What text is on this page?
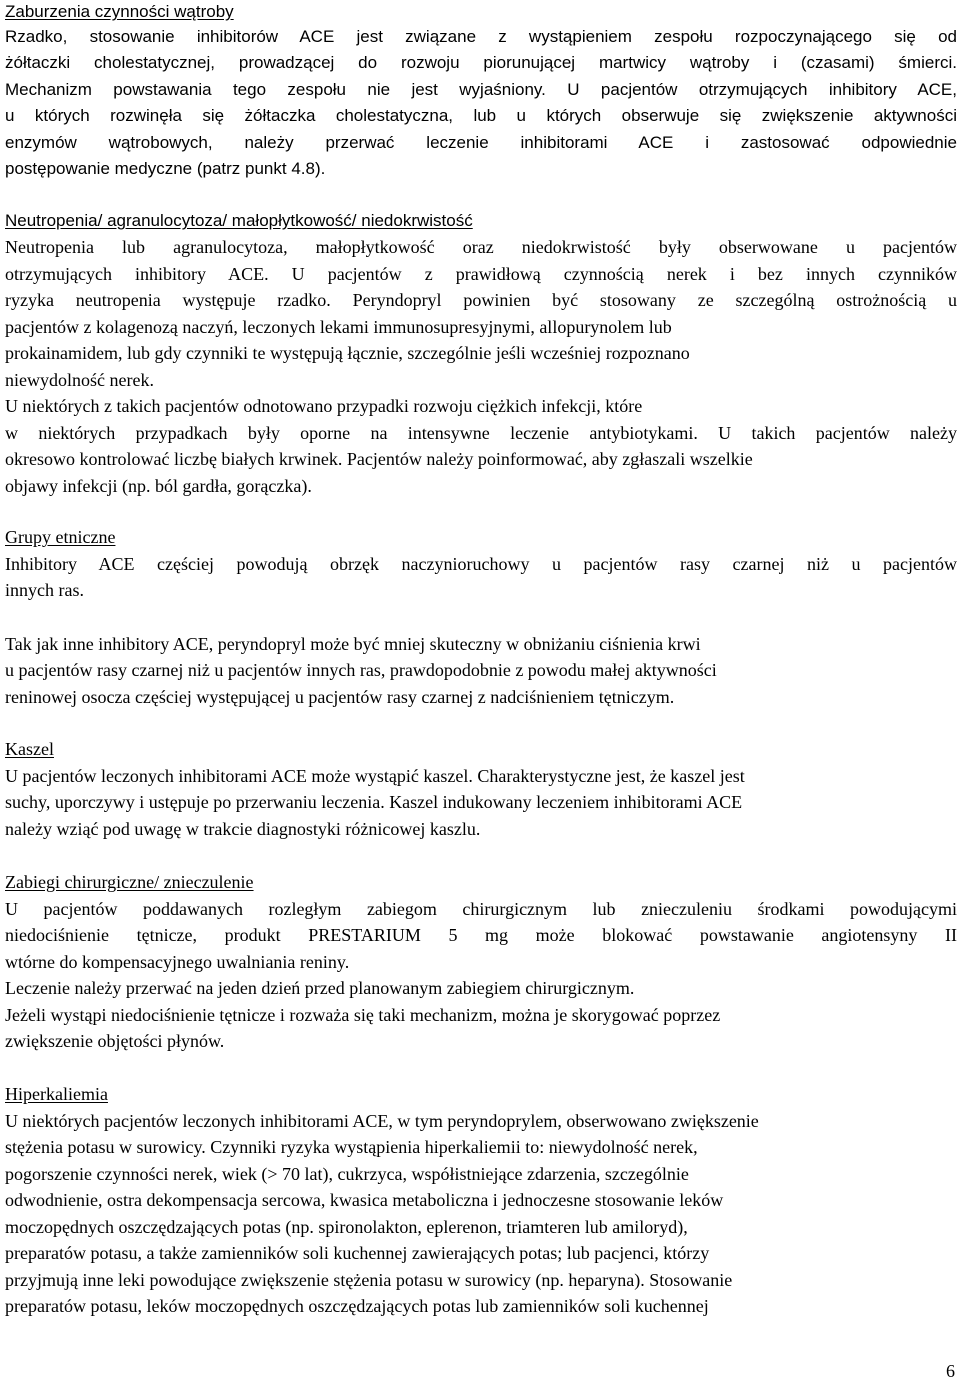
Zaburzenia czynności wątroby
Rzadko, stosowanie inhibitorów ACE jest związane z wystąpieniem zespołu rozpoczynającego się od
żółtaczki cholestatycznej, prowadzącej do rozwoju piorunującej martwicy wątroby i (czasami) śmierci.
Mechanizm powstawania tego zespołu nie jest wyjaśniony. U pacjentów otrzymujących inhibitory ACE,
u których rozwinęła się żółtaczka cholestatyczna, lub u których obserwuje się zwiększenie aktywności
enzymów wątrobowych, należy przerwać leczenie inhibitorami ACE i zastosować odpowiednie
postępowanie medyczne (patrz punkt 4.8).
Neutropenia/ agranulocytoza/ małopłytkowość/ niedokrwistość
Neutropenia lub agranulocytoza, małopłytkowość oraz niedokrwistość były obserwowane u pacjentów
otrzymujących inhibitory ACE. U pacjentów z prawidłową czynnością nerek i bez innych czynników
ryzyka neutropenia występuje rzadko. Peryndopryl powinien być stosowany ze szczególną ostrożnością u
pacjentów z kolagenozą naczyń, leczonych lekami immunosupresyjnymi, allopurynolem lub
prokainamidem, lub gdy czynniki te występują łącznie, szczególnie jeśli wcześniej rozpoznano
niewydolność nerek.
U niektórych z takich pacjentów odnotowano przypadki rozwoju ciężkich infekcji, które
w niektórych przypadkach były oporne na intensywne leczenie antybiotykami. U takich pacjentów należy
okresowo kontrolować liczbę białych krwinek. Pacjentów należy poinformować, aby zgłaszali wszelkie
objawy infekcji (np. ból gardła, gorączka).
Grupy etniczne
Inhibitory ACE częściej powodują obrzęk naczynioruchowy u pacjentów rasy czarnej niż u pacjentów
innych ras.
Tak jak inne inhibitory ACE, peryndopryl może być mniej skuteczny w obniżaniu ciśnienia krwi
u pacjentów rasy czarnej niż u pacjentów innych ras, prawdopodobnie z powodu małej aktywności
reninowej osocza częściej występującej u pacjentów rasy czarnej z nadciśnieniem tętniczym.
Kaszel
U pacjentów leczonych inhibitorami ACE może wystąpić kaszel. Charakterystyczne jest, że kaszel jest
suchy, uporczywy i ustępuje po przerwaniu leczenia. Kaszel indukowany leczeniem inhibitorami ACE
należy wziąć pod uwagę w trakcie diagnostyki różnicowej kaszlu.
Zabiegi chirurgiczne/ znieczulenie
U pacjentów poddawanych rozległym zabiegom chirurgicznym lub znieczuleniu środkami powodującymi
niedociśnienie tętnicze, produkt PRESTARIUM 5 mg może blokować powstawanie angiotensyny II
wtórne do kompensacyjnego uwalniania reniny.
Leczenie należy przerwać na jeden dzień przed planowanym zabiegiem chirurgicznym.
Jeżeli wystąpi niedociśnienie tętnicze i rozważa się taki mechanizm, można je skorygować poprzez
zwiększenie objętości płynów.
Hiperkaliemia
U niektórych pacjentów leczonych inhibitorami ACE, w tym peryndoprylem, obserwowano zwiększenie
stężenia potasu w surowicy. Czynniki ryzyka wystąpienia hiperkaliemii to: niewydolność nerek,
pogorszenie czynności nerek, wiek (> 70 lat), cukrzyca, współistniejące zdarzenia, szczególnie
odwodnienie, ostra dekompensacja sercowa, kwasica metaboliczna i jednoczesne stosowanie leków
moczopędnych oszczędzających potas (np. spironolakton, eplerenon, triamteren lub amiloryd),
preparatów potasu, a także zamienników soli kuchennej zawierających potas; lub pacjenci, którzy
przyjmują inne leki powodujące zwiększenie stężenia potasu w surowicy (np. heparyna). Stosowanie
preparatów potasu, leków moczopędnych oszczędzających potas lub zamienników soli kuchennej
6
